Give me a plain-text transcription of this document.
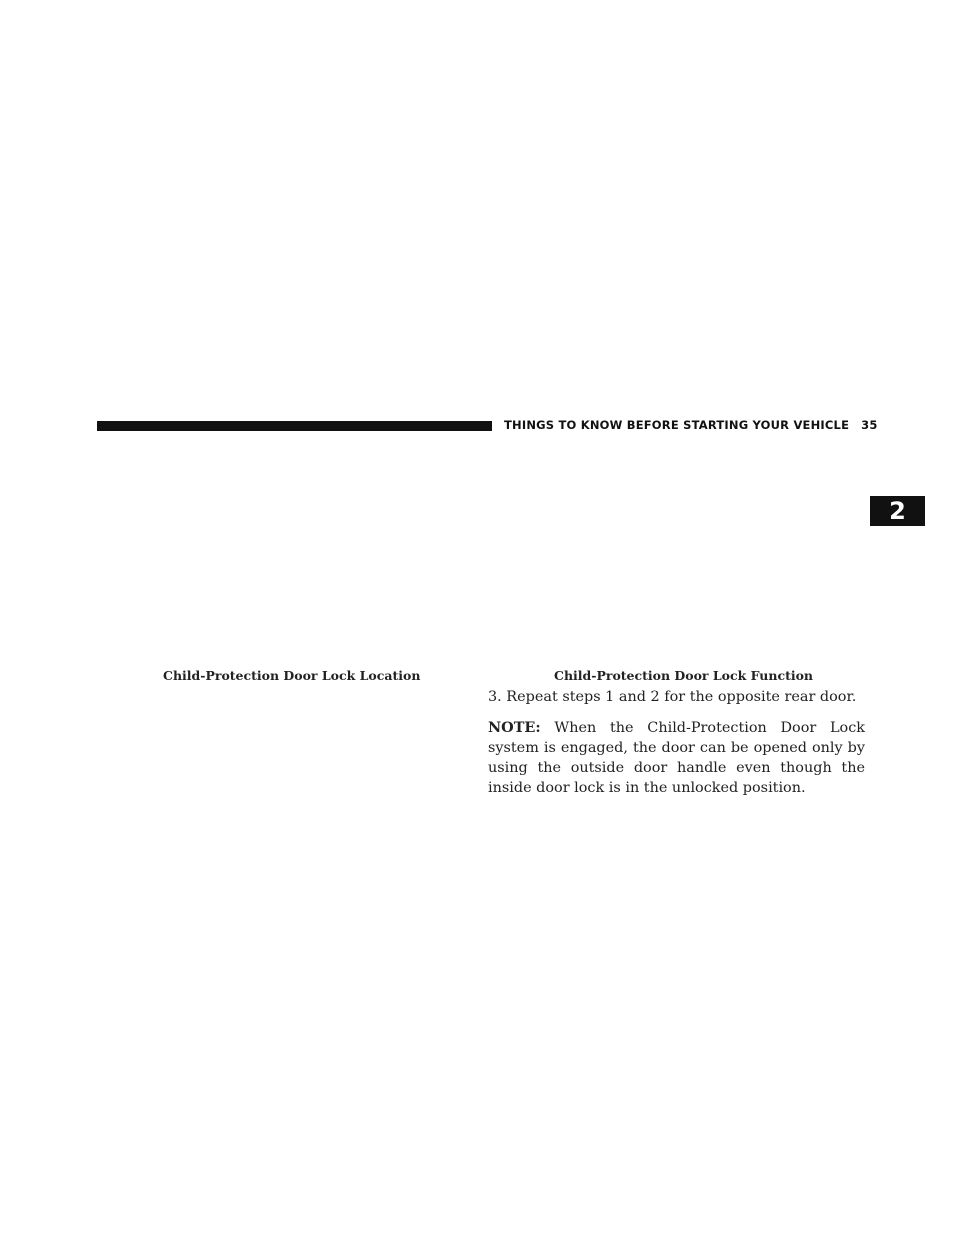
THINGS TO KNOW BEFORE STARTING YOUR VEHICLE 35
2
Child-Protection Door Lock Location	Child-Protection Door Lock Function
3. Repeat steps 1 and 2 for the opposite rear door.
NOTE: When the Child-Protection Door Lock system is engaged, the door can be opened only by using the outside door handle even though the inside door lock is in the unlocked position.
